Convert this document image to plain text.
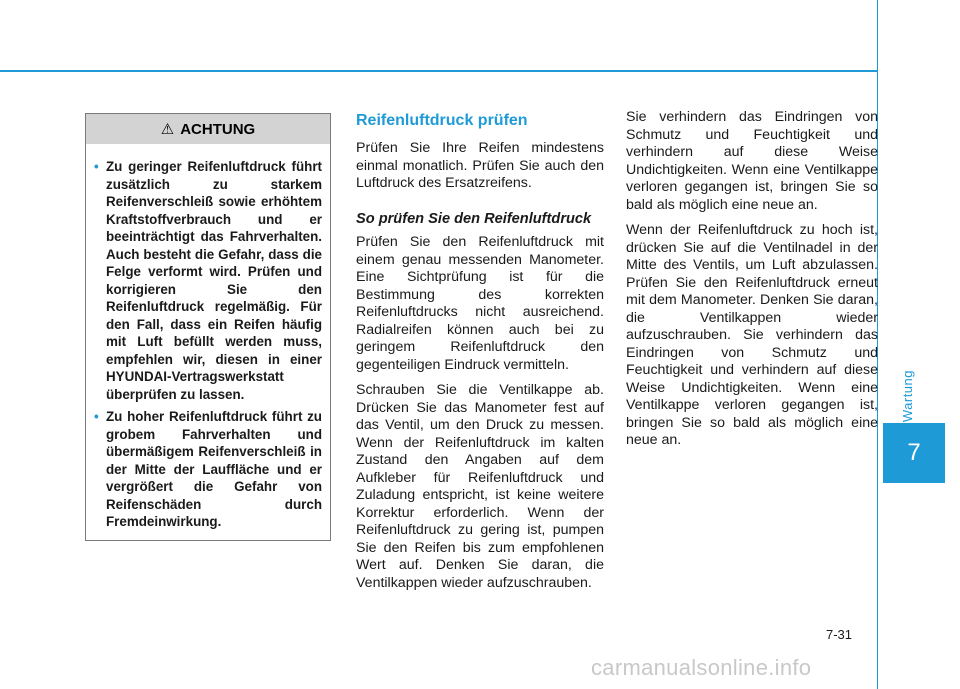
Wartung
7
⚠ ACHTUNG
• Zu geringer Reifenluftdruck führt zusätzlich zu starkem Reifenverschleiß sowie erhöhtem Kraftstoffverbrauch und er beeinträchtigt das Fahrverhalten. Auch besteht die Gefahr, dass die Felge verformt wird. Prüfen und korrigieren Sie den Reifenluftdruck regelmäßig. Für den Fall, dass ein Reifen häufig mit Luft befüllt werden muss, empfehlen wir, diesen in einer HYUNDAI-Vertragswerkstatt überprüfen zu lassen.
• Zu hoher Reifenluftdruck führt zu grobem Fahrverhalten und übermäßigem Reifenverschleiß in der Mitte der Lauffläche und er vergrößert die Gefahr von Reifenschäden durch Fremdeinwirkung.
Reifenluftdruck prüfen

Prüfen Sie Ihre Reifen mindestens einmal monatlich. Prüfen Sie auch den Luftdruck des Ersatzreifens.

So prüfen Sie den Reifenluftdruck

Prüfen Sie den Reifenluftdruck mit einem genau messenden Manometer. Eine Sichtprüfung ist für die Bestimmung des korrekten Reifenluftdrucks nicht ausreichend. Radialreifen können auch bei zu geringem Reifenluftdruck den gegenteiligen Eindruck vermitteln.

Schrauben Sie die Ventilkappe ab. Drücken Sie das Manometer fest auf das Ventil, um den Druck zu messen. Wenn der Reifenluftdruck im kalten Zustand den Angaben auf dem Aufkleber für Reifenluftdruck und Zuladung entspricht, ist keine weitere Korrektur erforderlich. Wenn der Reifenluftdruck zu gering ist, pumpen Sie den Reifen bis zum empfohlenen Wert auf. Denken Sie daran, die Ventilkappen wieder aufzuschrauben.

Sie verhindern das Eindringen von Schmutz und Feuchtigkeit und verhindern auf diese Weise Undichtigkeiten. Wenn eine Ventilkappe verloren gegangen ist, bringen Sie so bald als möglich eine neue an.

Wenn der Reifenluftdruck zu hoch ist, drücken Sie auf die Ventilnadel in der Mitte des Ventils, um Luft abzulassen. Prüfen Sie den Reifenluftdruck erneut mit dem Manometer. Denken Sie daran, die Ventilkappen wieder aufzuschrauben. Sie verhindern das Eindringen von Schmutz und Feuchtigkeit und verhindern auf diese Weise Undichtigkeiten. Wenn eine Ventilkappe verloren gegangen ist, bringen Sie so bald als möglich eine neue an.

7-31
carmanualsonline.info
